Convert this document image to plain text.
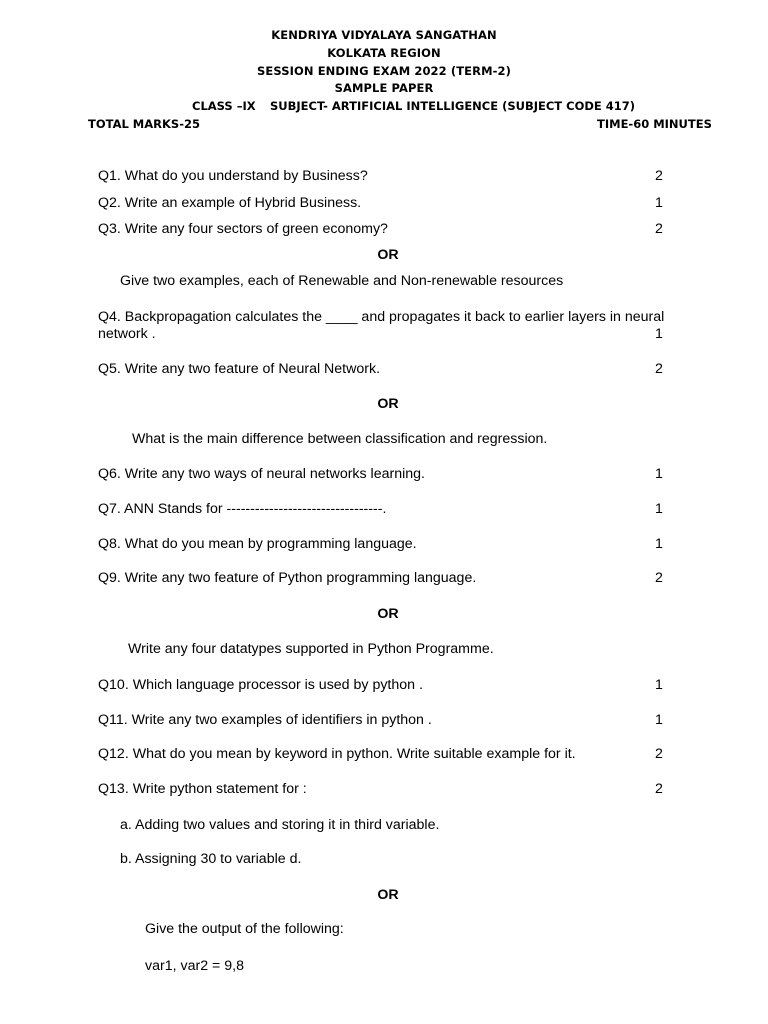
KENDRIYA VIDYALAYA SANGATHAN
KOLKATA REGION
SESSION ENDING EXAM 2022 (TERM-2)
SAMPLE PAPER
CLASS –IX SUBJECT- ARTIFICIAL INTELLIGENCE (SUBJECT CODE 417)
TOTAL MARKS-25	TIME-60 MINUTES
Q1. What do you understand by Business?	2
Q2. Write an example of Hybrid Business.	1
Q3. Write any four sectors of green economy?	2
OR
Give two examples, each of Renewable and Non-renewable resources
Q4. Backpropagation calculates the ____ and propagates it back to earlier layers in neural
network .	1
Q5. Write any two feature of Neural Network.	2
OR
What is the main difference between classification and regression.
Q6. Write any two ways of neural networks learning.	1
Q7. ANN Stands for ---------------------------------.	1
Q8. What do you mean by programming language.	1
Q9. Write any two feature of Python programming language.	2
OR
Write any four datatypes supported in Python Programme.
Q10. Which language processor is used by python .	1
Q11. Write any two examples of identifiers in python .	1
Q12. What do you mean by keyword in python. Write suitable example for it.	2
Q13. Write python statement for :	2
a. Adding two values and storing it in third variable.
b. Assigning 30 to variable d.
OR
Give the output of the following:
var1, var2 = 9,8
